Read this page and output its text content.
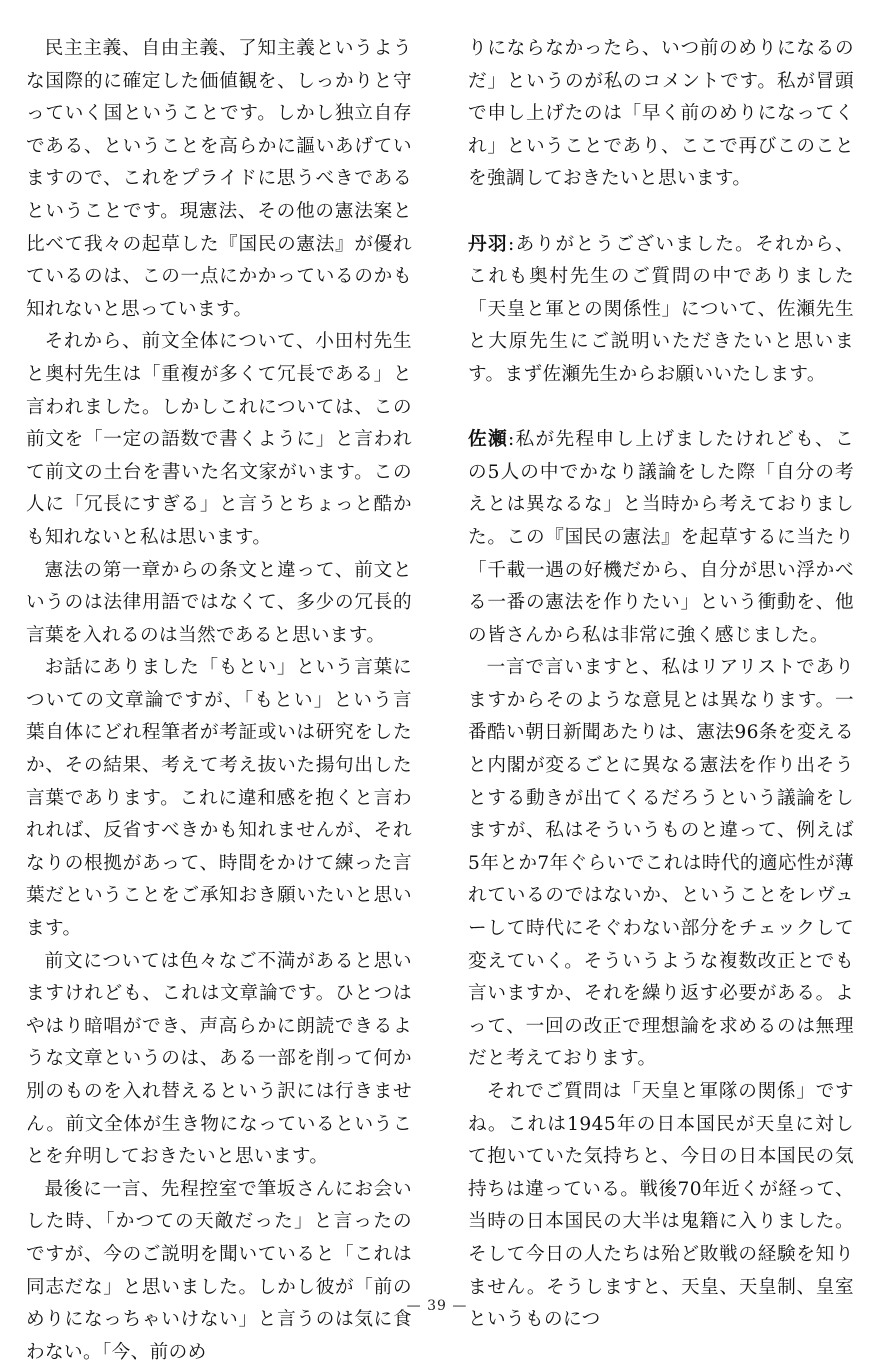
民主主義、自由主義、了知主義というような国際的に確定した価値観を、しっかりと守っていく国ということです。しかし独立自存である、ということを高らかに謳いあげていますので、これをプライドに思うべきであるということです。現憲法、その他の憲法案と比べて我々の起草した『国民の憲法』が優れているのは、この一点にかかっているのかも知れないと思っています。

それから、前文全体について、小田村先生と奥村先生は「重複が多くて冗長である」と言われました。しかしこれについては、この前文を「一定の語数で書くように」と言われて前文の土台を書いた名文家がいます。この人に「冗長にすぎる」と言うとちょっと酷かも知れないと私は思います。

憲法の第一章からの条文と違って、前文というのは法律用語ではなくて、多少の冗長的言葉を入れるのは当然であると思います。

お話にありました「もとい」という言葉についての文章論ですが、「もとい」という言葉自体にどれ程筆者が考証或いは研究をしたか、その結果、考えて考え抜いた揚句出した言葉であります。これに違和感を抱くと言われれば、反省すべきかも知れませんが、それなりの根拠があって、時間をかけて練った言葉だということをご承知おき願いたいと思います。

前文については色々なご不満があると思いますけれども、これは文章論です。ひとつはやはり暗唱ができ、声高らかに朗読できるような文章というのは、ある一部を削って何か別のものを入れ替えるという訳には行きません。前文全体が生き物になっているということを弁明しておきたいと思います。

最後に一言、先程控室で筆坂さんにお会いした時、「かつての天敵だった」と言ったのですが、今のご説明を聞いていると「これは同志だな」と思いました。しかし彼が「前のめりになっちゃいけない」と言うのは気に食わない。「今、前のめ

りにならなかったら、いつ前のめりになるのだ」というのが私のコメントです。私が冒頭で申し上げたのは「早く前のめりになってくれ」ということであり、ここで再びこのことを強調しておきたいと思います。

丹羽:ありがとうございました。それから、これも奥村先生のご質問の中でありました「天皇と軍との関係性」について、佐瀬先生と大原先生にご説明いただきたいと思います。まず佐瀬先生からお願いいたします。

佐瀬:私が先程申し上げましたけれども、この5人の中でかなり議論をした際「自分の考えとは異なるな」と当時から考えておりました。この『国民の憲法』を起草するに当たり「千載一遇の好機だから、自分が思い浮かべる一番の憲法を作りたい」という衝動を、他の皆さんから私は非常に強く感じました。

一言で言いますと、私はリアリストでありますからそのような意見とは異なります。一番酷い朝日新聞あたりは、憲法96条を変えると内閣が変るごとに異なる憲法を作り出そうとする動きが出てくるだろうという議論をしますが、私はそういうものと違って、例えば5年とか7年ぐらいでこれは時代的適応性が薄れているのではないか、ということをレヴューして時代にそぐわない部分をチェックして変えていく。そういうような複数改正とでも言いますか、それを繰り返す必要がある。よって、一回の改正で理想論を求めるのは無理だと考えております。

それでご質問は「天皇と軍隊の関係」ですね。これは1945年の日本国民が天皇に対して抱いていた気持ちと、今日の日本国民の気持ちは違っている。戦後70年近くが経って、当時の日本国民の大半は鬼籍に入りました。そして今日の人たちは殆ど敗戦の経験を知りません。そうしますと、天皇、天皇制、皇室というものにつ

— 39 —
